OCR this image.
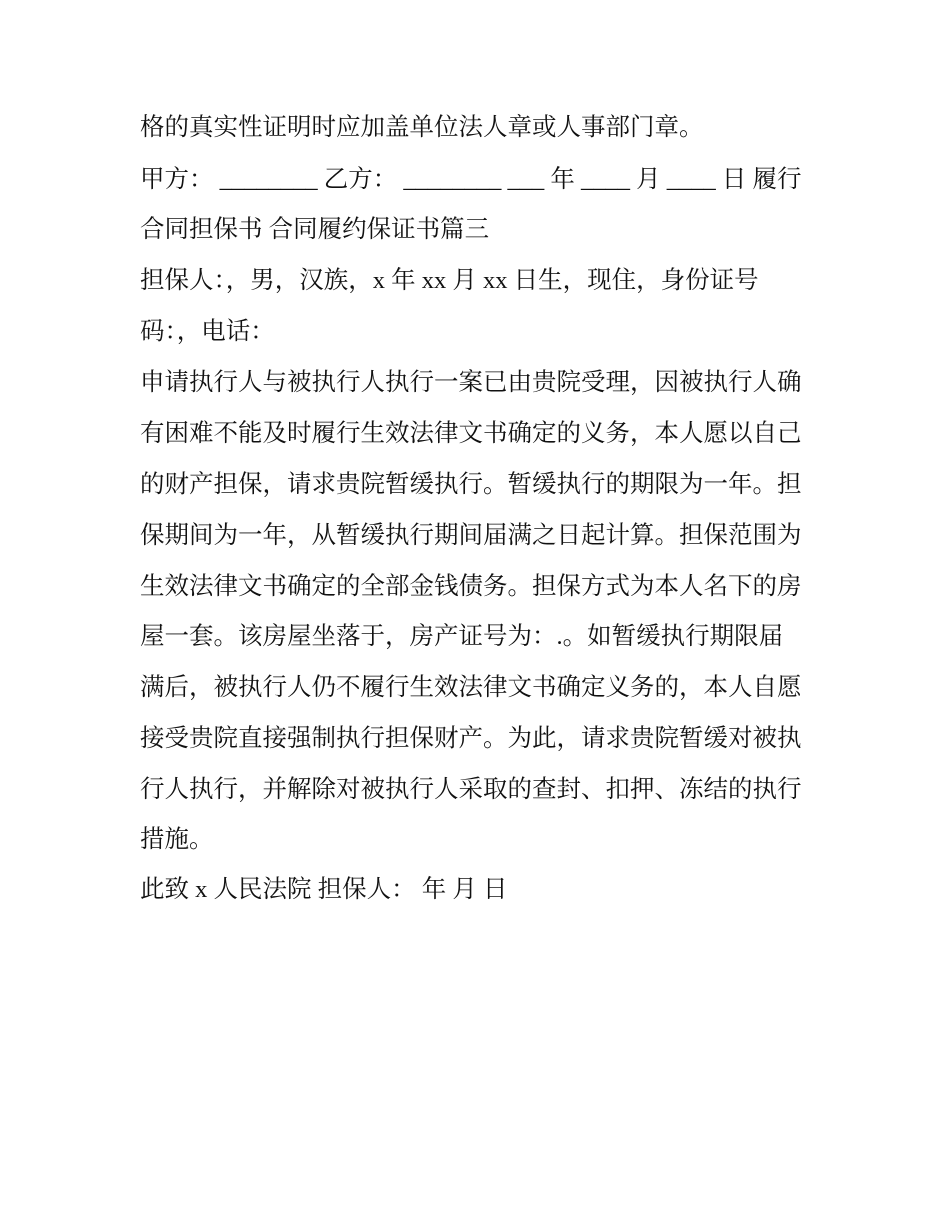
格的真实性证明时应加盖单位法人章或人事部门章。
甲方： ________ 乙方： ________ ___ 年 ____ 月 ____ 日 履行
合同担保书 合同履约保证书篇三
担保人：，男，汉族，x 年 xx 月 xx 日生，现住，身份证号
码：，电话：
申请执行人与被执行人执行一案已由贵院受理，因被执行人确
有困难不能及时履行生效法律文书确定的义务，本人愿以自己
的财产担保，请求贵院暂缓执行。暂缓执行的期限为一年。担
保期间为一年，从暂缓执行期间届满之日起计算。担保范围为
生效法律文书确定的全部金钱债务。担保方式为本人名下的房
屋一套。该房屋坐落于，房产证号为：.。如暂缓执行期限届
满后，被执行人仍不履行生效法律文书确定义务的，本人自愿
接受贵院直接强制执行担保财产。为此，请求贵院暂缓对被执
行人执行，并解除对被执行人采取的查封、扣押、冻结的执行
措施。
此致 x 人民法院 担保人： 年 月 日
